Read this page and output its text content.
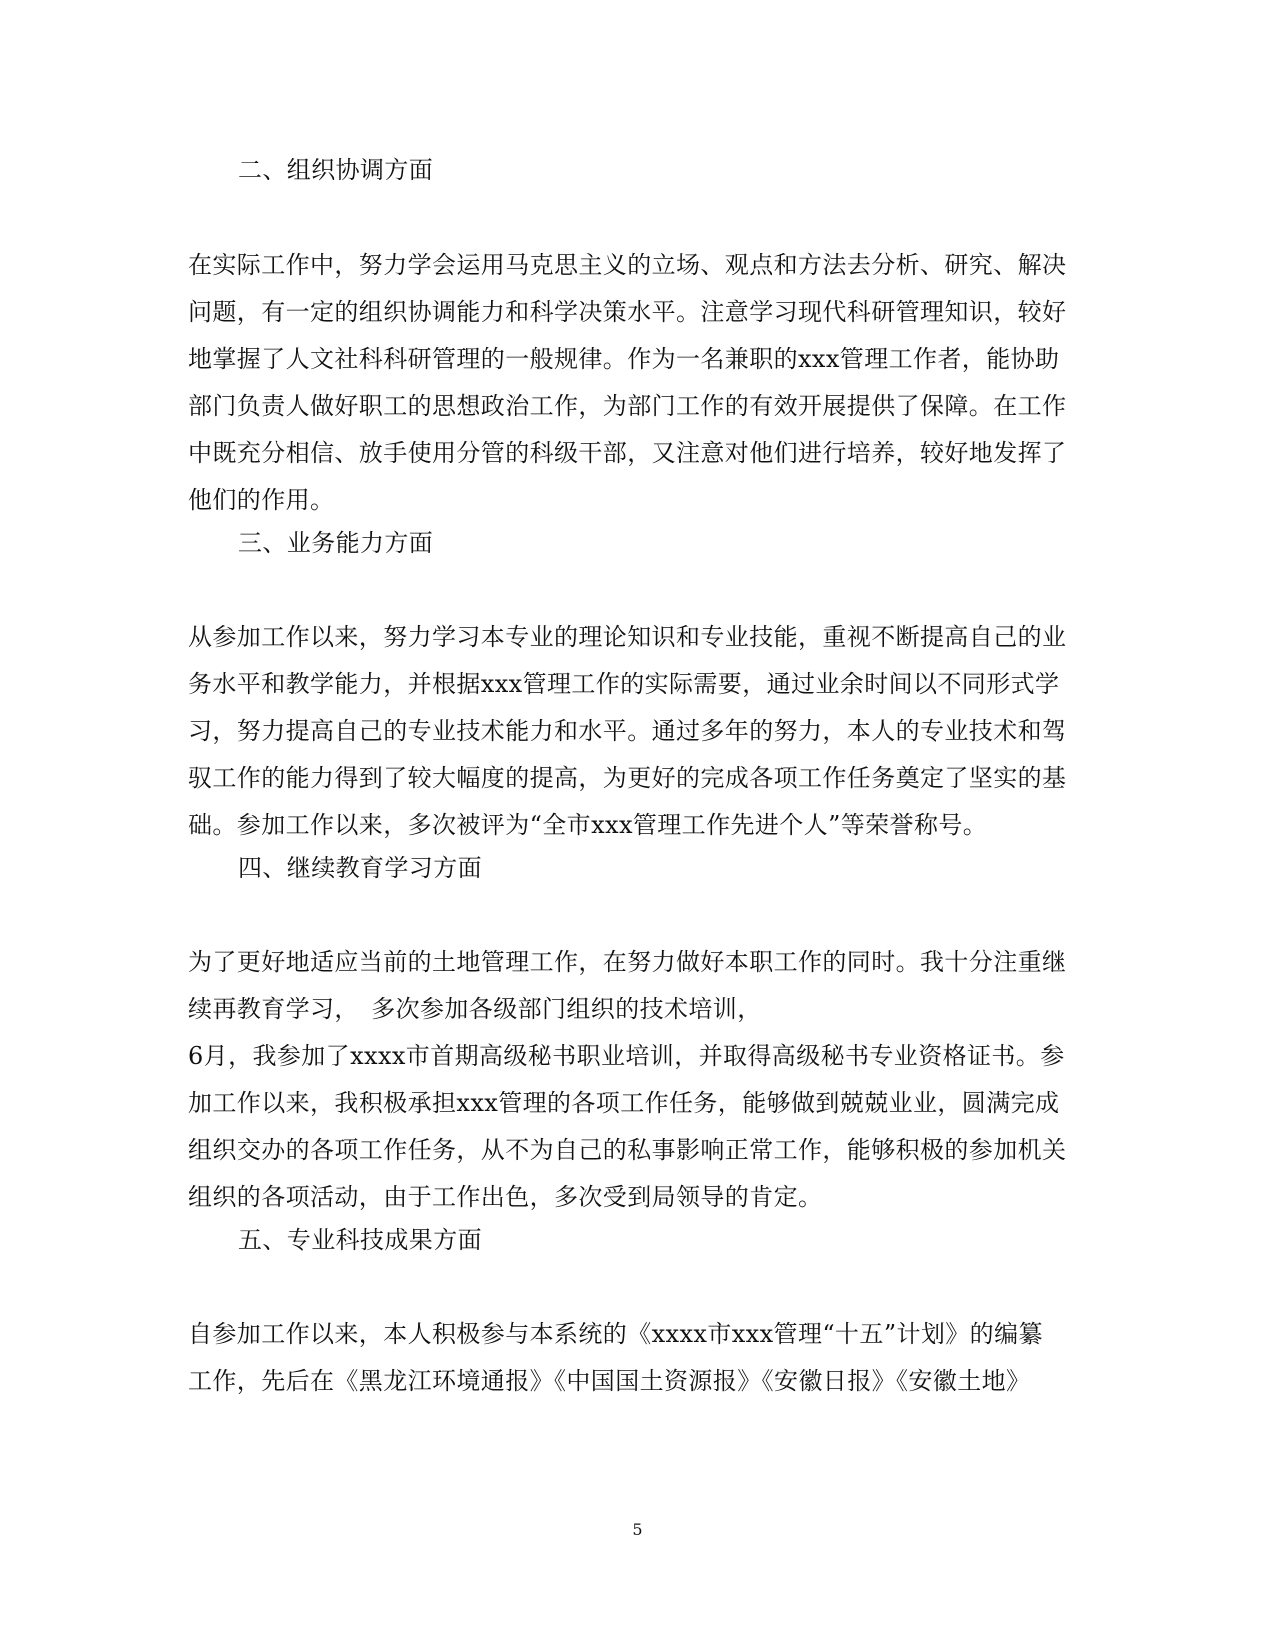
二、组织协调方面
在实际工作中，努力学会运用马克思主义的立场、观点和方法去分析、研究、解决
问题，有一定的组织协调能力和科学决策水平。注意学习现代科研管理知识，较好
地掌握了人文社科科研管理的一般规律。作为一名兼职的xxx管理工作者，能协助
部门负责人做好职工的思想政治工作，为部门工作的有效开展提供了保障。在工作
中既充分相信、放手使用分管的科级干部，又注意对他们进行培养，较好地发挥了
他们的作用。
三、业务能力方面
从参加工作以来，努力学习本专业的理论知识和专业技能，重视不断提高自己的业
务水平和教学能力，并根据xxx管理工作的实际需要，通过业余时间以不同形式学
习，努力提高自己的专业技术能力和水平。通过多年的努力，本人的专业技术和驾
驭工作的能力得到了较大幅度的提高，为更好的完成各项工作任务奠定了坚实的基
础。参加工作以来，多次被评为“全市xxx管理工作先进个人”等荣誉称号。
四、继续教育学习方面
为了更好地适应当前的土地管理工作，在努力做好本职工作的同时。我十分注重继
续再教育学习，　多次参加各级部门组织的技术培训，
6月，我参加了xxxx市首期高级秘书职业培训，并取得高级秘书专业资格证书。参
加工作以来，我积极承担xxx管理的各项工作任务，能够做到兢兢业业，圆满完成
组织交办的各项工作任务，从不为自己的私事影响正常工作，能够积极的参加机关
组织的各项活动，由于工作出色，多次受到局领导的肯定。
五、专业科技成果方面
自参加工作以来，本人积极参与本系统的《xxxx市xxx管理“十五”计划》的编纂
工作，先后在《黑龙江环境通报》《中国国土资源报》《安徽日报》《安徽土地》
5
